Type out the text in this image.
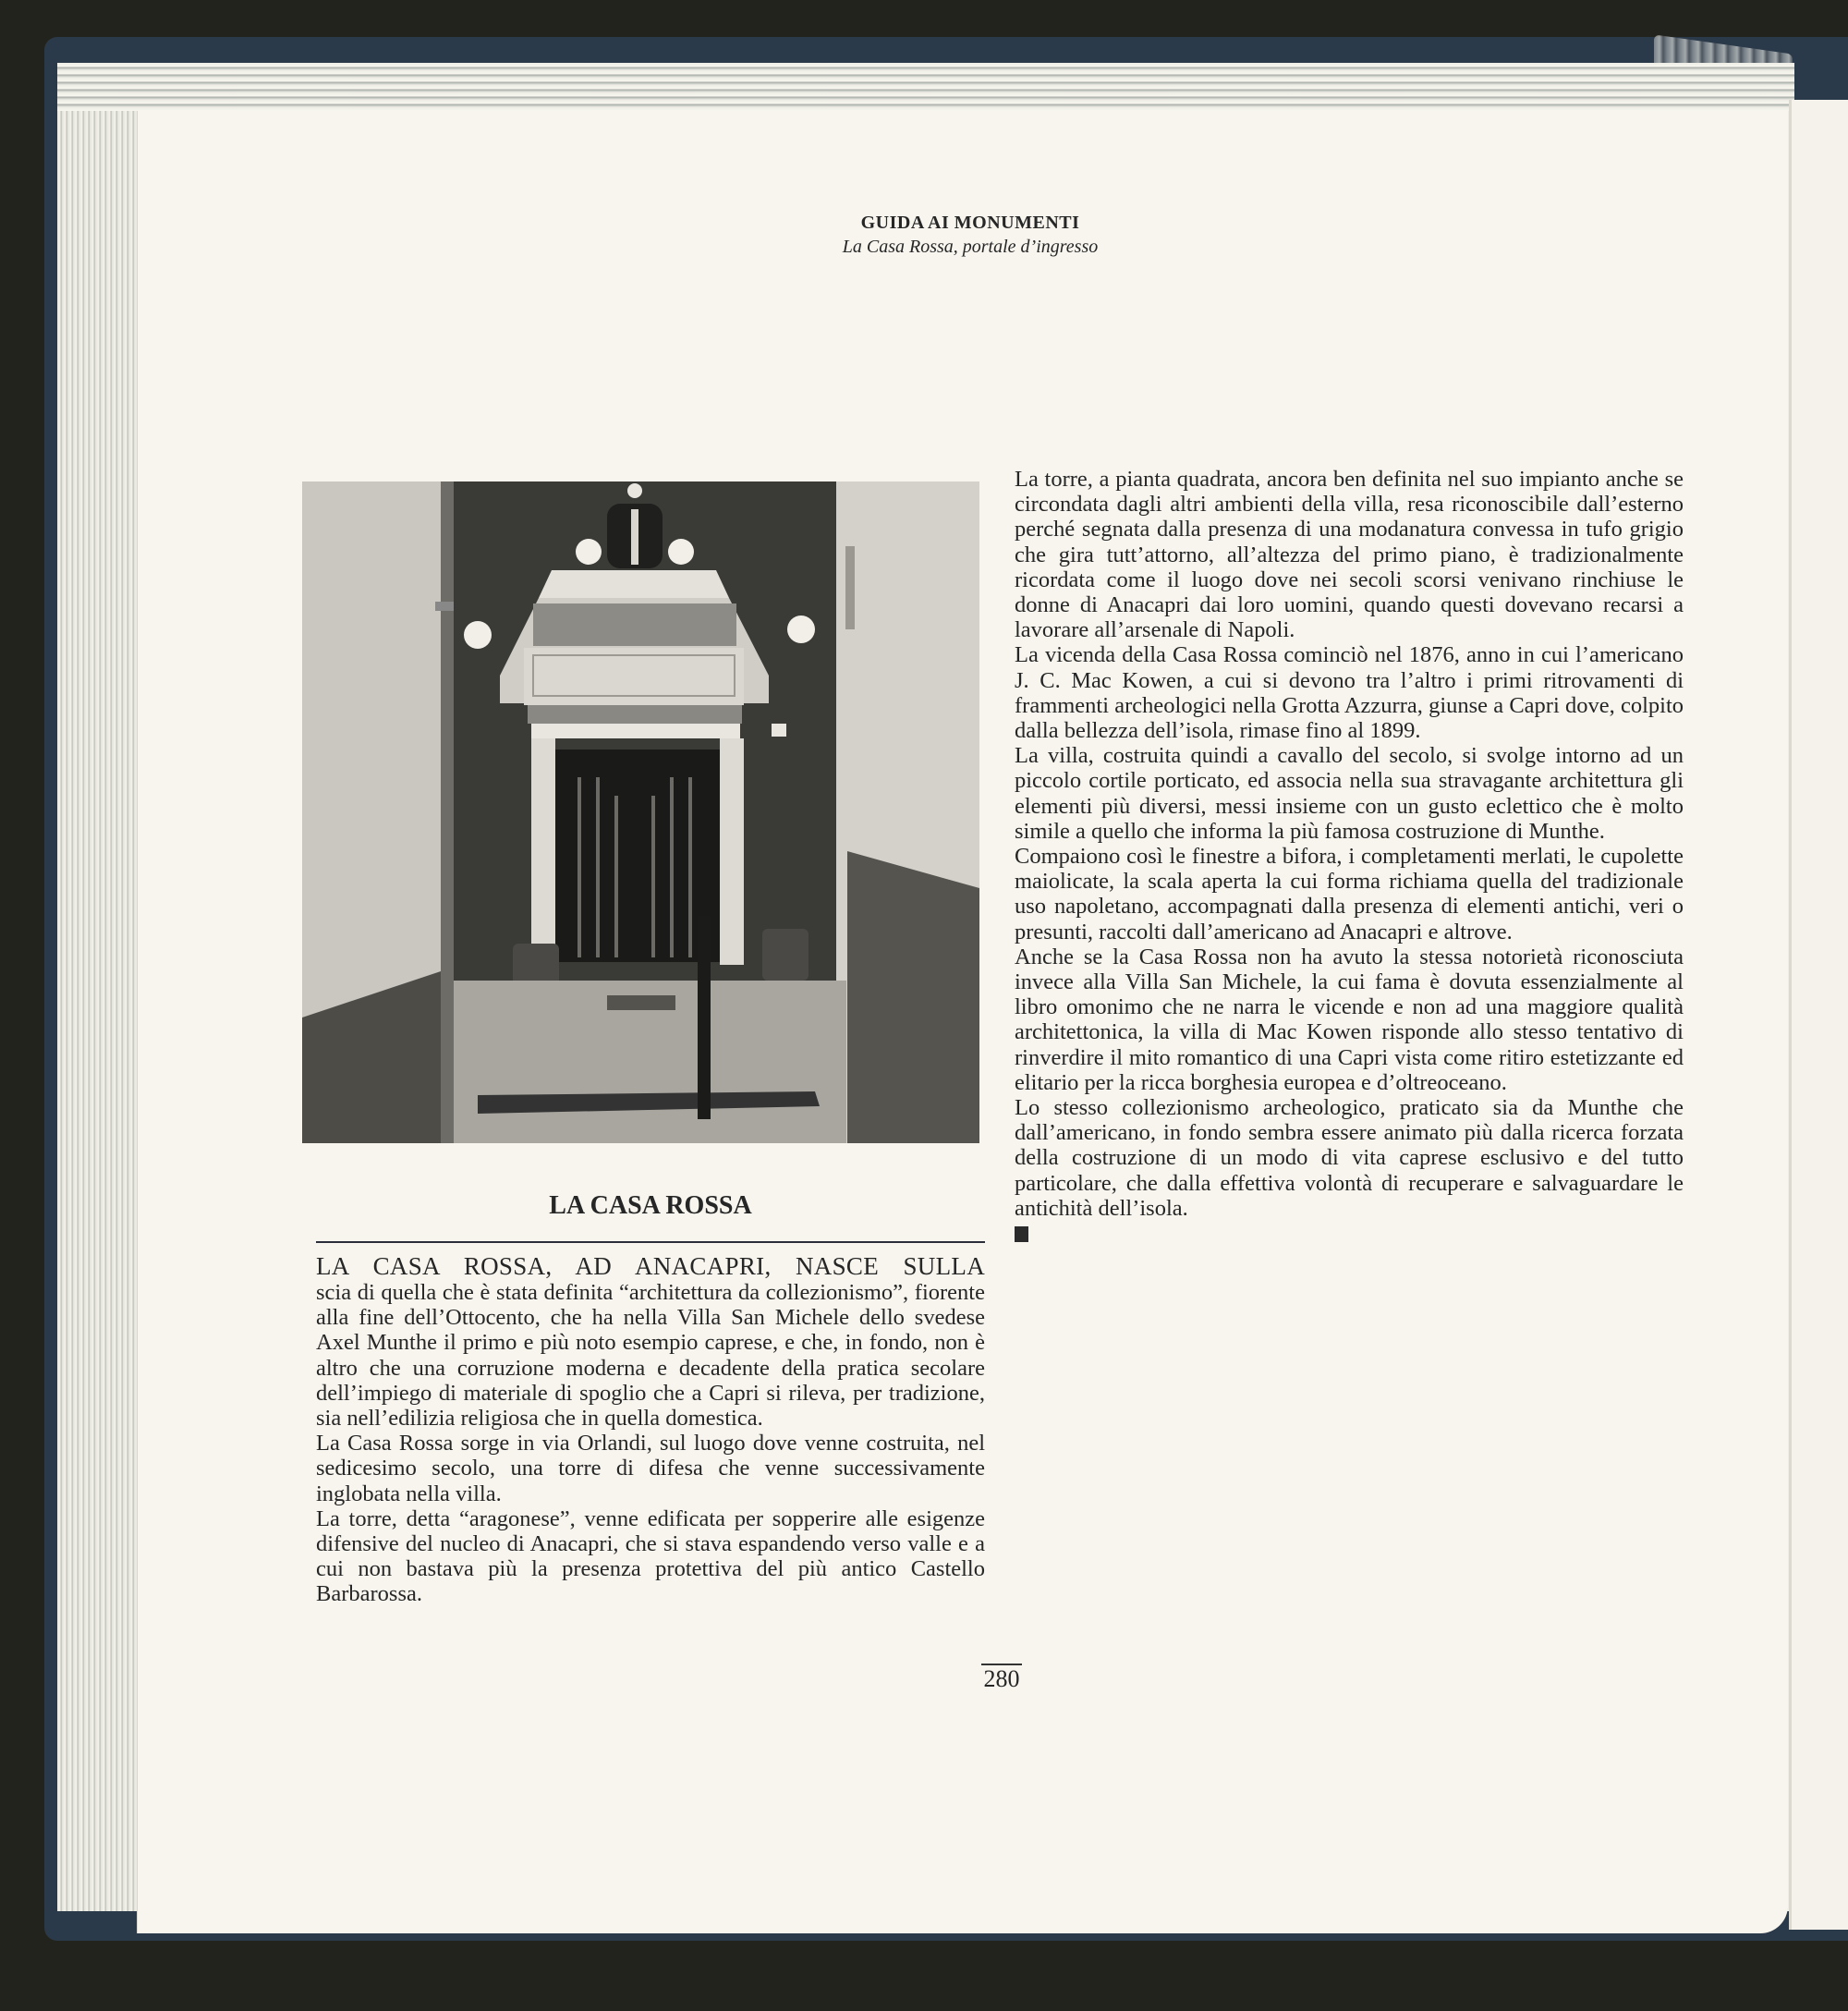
GUIDA AI MONUMENTI
La Casa Rossa, portale d’ingresso
LA CASA ROSSA
LA CASA ROSSA, AD ANACAPRI, NASCE SULLA

scia di quella che è stata definita “architettura da collezionismo”, fiorente alla fine dell’Ottocento, che ha nella Villa San Michele dello svedese Axel Munthe il primo e più noto esempio caprese, e che, in fondo, non è altro che una corruzione moderna e decadente della pratica secolare dell’impiego di materiale di spoglio che a Capri si rileva, per tradizione, sia nell’edilizia religiosa che in quella domestica.

La Casa Rossa sorge in via Orlandi, sul luogo dove venne costruita, nel sedicesimo secolo, una torre di difesa che venne successivamente inglobata nella villa.

La torre, detta “aragonese”, venne edificata per sopperire alle esigenze difensive del nucleo di Anacapri, che si stava espandendo verso valle e a cui non bastava più la presenza protettiva del più antico Castello Barbarossa.

La torre, a pianta quadrata, ancora ben definita nel suo impianto anche se circondata dagli altri ambienti della villa, resa riconoscibile dall’esterno perché segnata dalla presenza di una modanatura convessa in tufo grigio che gira tutt’attorno, all’altezza del primo piano, è tradizionalmente ricordata come il luogo dove nei secoli scorsi venivano rinchiuse le donne di Anacapri dai loro uomini, quando questi dovevano recarsi a lavorare all’arsenale di Napoli.

La vicenda della Casa Rossa cominciò nel 1876, anno in cui l’americano J. C. Mac Kowen, a cui si devono tra l’altro i primi ritrovamenti di frammenti archeologici nella Grotta Azzurra, giunse a Capri dove, colpito dalla bellezza dell’isola, rimase fino al 1899.

La villa, costruita quindi a cavallo del secolo, si svolge intorno ad un piccolo cortile porticato, ed associa nella sua stravagante architettura gli elementi più diversi, messi insieme con un gusto eclettico che è molto simile a quello che informa la più famosa costruzione di Munthe.

Compaiono così le finestre a bifora, i completamenti merlati, le cupolette maiolicate, la scala aperta la cui forma richiama quella del tradizionale uso napoletano, accompagnati dalla presenza di elementi antichi, veri o presunti, raccolti dall’americano ad Anacapri e altrove.

Anche se la Casa Rossa non ha avuto la stessa notorietà riconosciuta invece alla Villa San Michele, la cui fama è dovuta essenzialmente al libro omonimo che ne narra le vicende e non ad una maggiore qualità architettonica, la villa di Mac Kowen risponde allo stesso tentativo di rinverdire il mito romantico di una Capri vista come ritiro estetizzante ed elitario per la ricca borghesia europea e d’oltreoceano.

Lo stesso collezionismo archeologico, praticato sia da Munthe che dall’americano, in fondo sembra essere animato più dalla ricerca forzata della costruzione di un modo di vita caprese esclusivo e del tutto particolare, che dalla effettiva volontà di recuperare e salvaguardare le antichità dell’isola.

280
